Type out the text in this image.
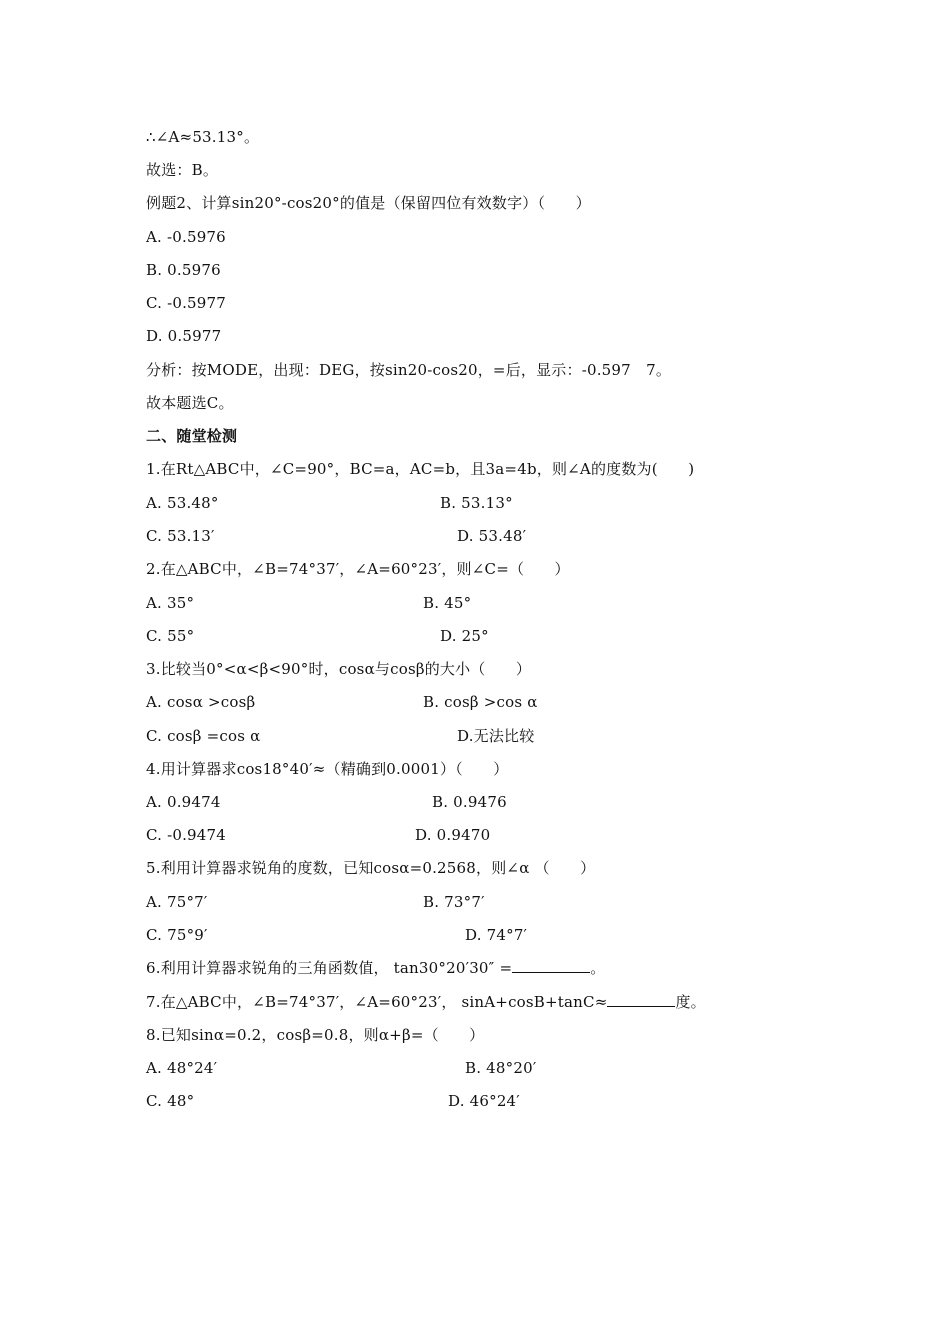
∴∠A≈53.13°。
故选：B。
例题2、计算sin20°-cos20°的值是（保留四位有效数字）（　　）
A. -0.5976
B. 0.5976
C. -0.5977
D. 0.5977
分析：按MODE，出现：DEG，按sin20-cos20，=后，显示：-0.597　7。
故本题选C。
二、随堂检测
1.在Rt△ABC中，∠C=90°，BC=a，AC=b，且3a=4b，则∠A的度数为(　　)
A. 53.48°	B. 53.13°
C. 53.13′	D. 53.48′
2.在△ABC中，∠B=74°37′，∠A=60°23′，则∠C=（　　）
A. 35°	B. 45°
C. 55°	D. 25°
3.比较当0°<α<β<90°时，cosα与cosβ的大小（　　）
A. cosα >cosβ	B. cosβ >cos α
C. cosβ =cos α	D.无法比较
4.用计算器求cos18°40′≈（精确到0.0001）（　　）
A. 0.9474	B. 0.9476
C. -0.9474	D. 0.9470
5.利用计算器求锐角的度数，已知cosα=0.2568，则∠α （　　）
A. 75°7′	B. 73°7′
C. 75°9′	D. 74°7′
6.利用计算器求锐角的三角函数值， tan30°20′30″ =	。
7.在△ABC中，∠B=74°37′，∠A=60°23′， sinA+cosB+tanC≈	度。
8.已知sinα=0.2，cosβ=0.8，则α+β=（　　）
A. 48°24′	B. 48°20′
C. 48°	D. 46°24′
